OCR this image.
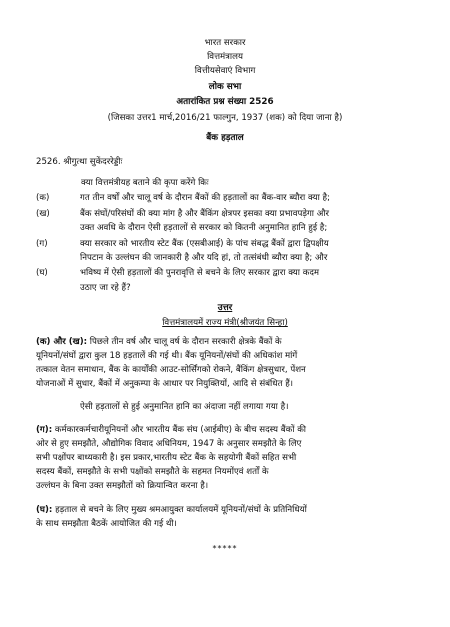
भारत सरकार
वित्तमंत्रालय
वित्तीयसेवाएं विभाग
लोक सभा
अतारांकित प्रश्न संख्या 2526
(जिसका उत्तर1 मार्च,2016/21 फाल्गुन, 1937 (शक) को दिया जाना है)
बैंक हड़ताल
2526. श्रीगुत्था सुकेंदररेड्डीः
क्या वित्तमंत्रीयह बताने की कृपा करेंगे किः
(क)	गत तीन वर्षों और चालू वर्ष के दौरान बैंकों की हड़तालों का बैंक-वार ब्यौरा क्या है;
(ख)	बैंक संघों/परिसंघों की क्या मांग है और बैंकिंग क्षेत्रपर इसका क्या प्रभावपड़ेगा और
उक्त अवधि के दौरान ऐसी हड़तालों से सरकार को कितनी अनुमानित हानि हुई है;
(ग)	क्या सरकार को भारतीय स्टेट बैंक (एसबीआई) के पांच संबद्ध बैंकों द्वारा द्विपक्षीय
निपटान के उल्लंघन की जानकारी है और यदि हां, तो तत्संबंधी ब्यौरा क्या है; और
(घ)	भविष्य में ऐसी हड़तालों की पुनरावृत्ति से बचने के लिए सरकार द्वारा क्या कदम
उठाए जा रहे हैं?
उत्तर
वित्तमंत्रालयमें राज्य मंत्री(श्रीजयंत सिन्हा)
(क) और (ख): पिछले तीन वर्ष और चालू वर्ष के दौरान सरकारी क्षेत्रके बैंकों के
यूनियनों/संघों द्वारा कुल 18 हड़तालें की गई थी। बैंक यूनियनों/संघों की अधिकांश मांगें
तत्काल वेतन समाधान, बैंक के कार्योंकी आउट-सोर्सिंगको रोकने, बैंकिंग क्षेत्रसुधार, पेंशन
योजनाओं में सुधार, बैंकों में अनुकम्पा के आधार पर नियुक्तियों, आदि से संबंधित हैं।
ऐसी हड़तालों से हुई अनुमानित हानि का अंदाजा नहीं लगाया गया है।
(ग): कर्मकारकर्मचारीयूनियनों और भारतीय बैंक संघ (आईबीए) के बीच सदस्य बैंकों की
ओर से हुए समझौते, औद्योगिक विवाद अधिनियम, 1947 के अनुसार समझौते के लिए
सभी पक्षोंपर बाध्यकारी है। इस प्रकार,भारतीय स्टेट बैंक के सहयोगी बैंकों सहित सभी
सदस्य बैंकों, समझौते के सभी पक्षोंको समझौते के सहमत नियमोंएवं शर्तों के
उल्लंघन के बिना उक्त समझौतों को क्रियान्वित करना है।
(घ): हड़ताल से बचने के लिए मुख्य श्रमआयुक्त कार्यालयमें यूनियनों/संघों के प्रतिनिधियों
के साथ समझौता बैठकें आयोजित की गई थी।
*****
